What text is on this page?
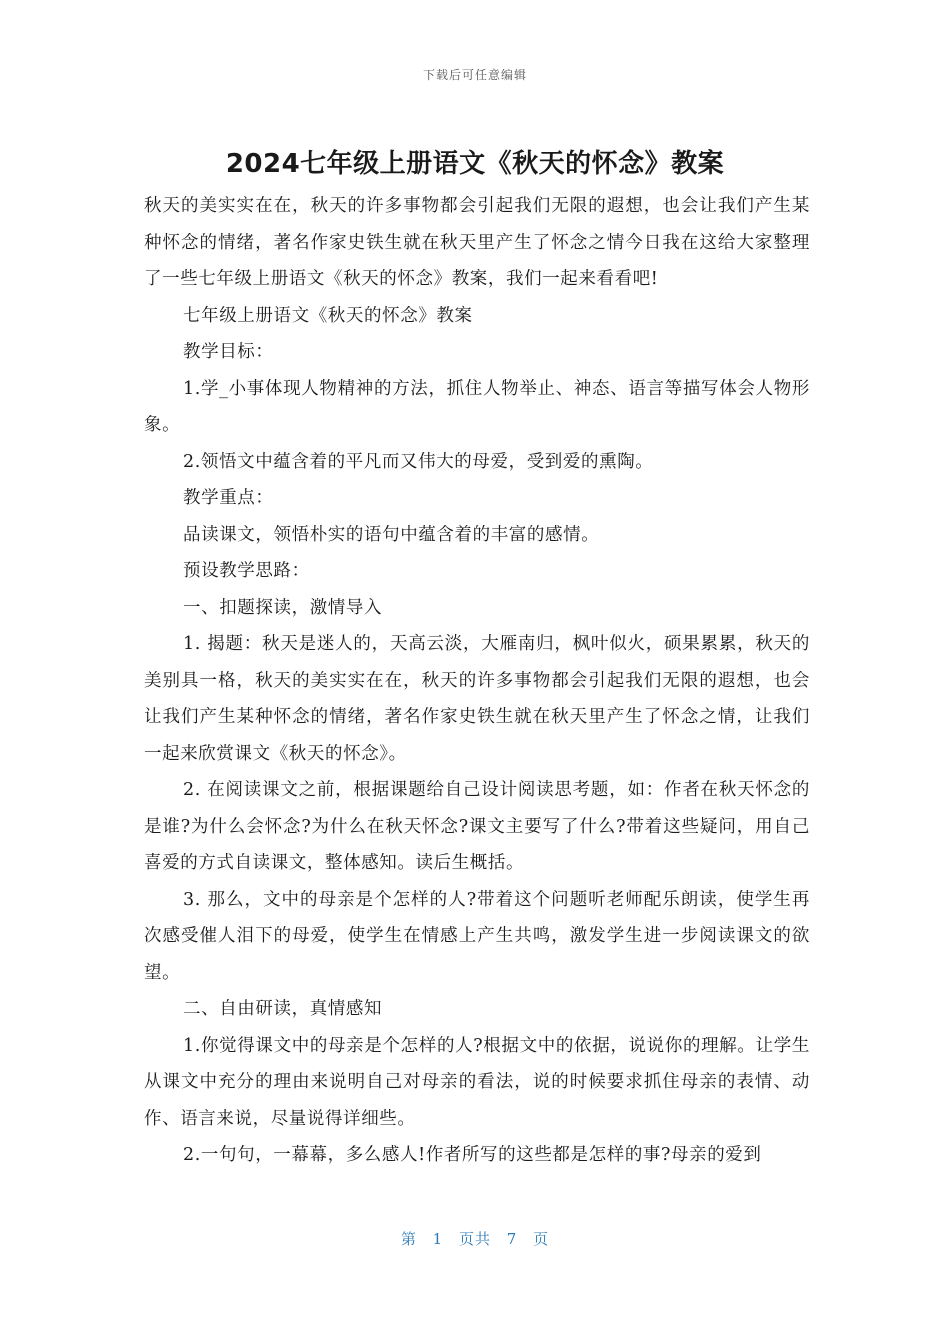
下载后可任意编辑
2024七年级上册语文《秋天的怀念》教案

秋天的美实实在在，秋天的许多事物都会引起我们无限的遐想，也会让我们产生某种怀念的情绪，著名作家史铁生就在秋天里产生了怀念之情今日我在这给大家整理了一些七年级上册语文《秋天的怀念》教案，我们一起来看看吧!

七年级上册语文《秋天的怀念》教案

教学目标：

1.学_小事体现人物精神的方法，抓住人物举止、神态、语言等描写体会人物形象。

2.领悟文中蕴含着的平凡而又伟大的母爱，受到爱的熏陶。

教学重点：

品读课文，领悟朴实的语句中蕴含着的丰富的感情。

预设教学思路：

一、扣题探读，激情导入

1. 揭题：秋天是迷人的，天高云淡，大雁南归，枫叶似火，硕果累累，秋天的美别具一格，秋天的美实实在在，秋天的许多事物都会引起我们无限的遐想，也会让我们产生某种怀念的情绪，著名作家史铁生就在秋天里产生了怀念之情，让我们一起来欣赏课文《秋天的怀念》。

2. 在阅读课文之前，根据课题给自己设计阅读思考题，如：作者在秋天怀念的是谁?为什么会怀念?为什么在秋天怀念?课文主要写了什么?带着这些疑问，用自己喜爱的方式自读课文，整体感知。读后生概括。

3. 那么，文中的母亲是个怎样的人?带着这个问题听老师配乐朗读，使学生再次感受催人泪下的母爱，使学生在情感上产生共鸣，激发学生进一步阅读课文的欲望。

二、自由研读，真情感知

1.你觉得课文中的母亲是个怎样的人?根据文中的依据，说说你的理解。让学生从课文中充分的理由来说明自己对母亲的看法，说的时候要求抓住母亲的表情、动作、语言来说，尽量说得详细些。

2.一句句，一幕幕，多么感人!作者所写的这些都是怎样的事?母亲的爱到

第 1 页共 7 页
